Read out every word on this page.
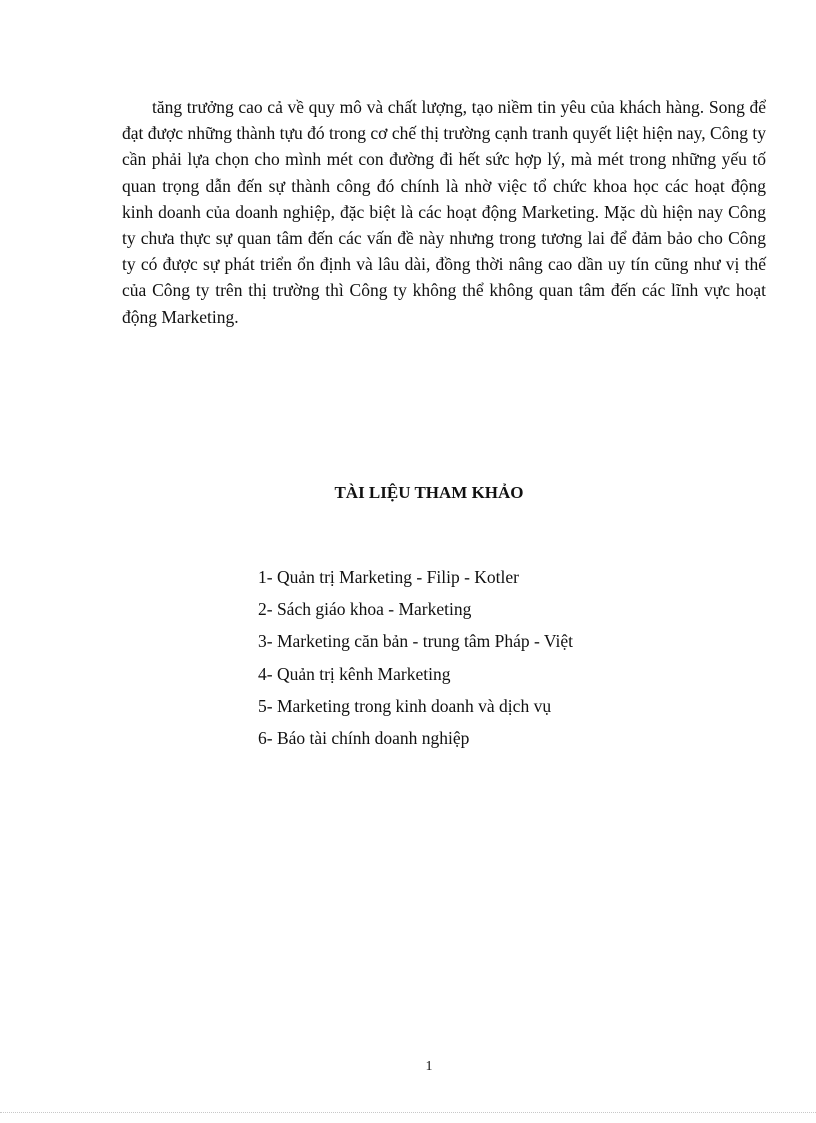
tăng trưởng cao cả về quy mô và chất lượng, tạo niềm tin yêu của khách hàng. Song để đạt được những thành tựu đó trong cơ chế thị trường cạnh tranh quyết liệt hiện nay, Công ty cần phải lựa chọn cho mình mét con đường đi hết sức hợp lý, mà mét trong những yếu tố quan trọng dẫn đến sự thành công đó chính là nhờ việc tổ chức khoa học các hoạt động kinh doanh của doanh nghiệp, đặc biệt là các hoạt động Marketing. Mặc dù hiện nay Công ty chưa thực sự quan tâm đến các vấn đề này nhưng trong tương lai để đảm bảo cho Công ty có được sự phát triển ổn định và lâu dài, đồng thời nâng cao dần uy tín cũng như vị thế của Công ty trên thị trường thì Công ty không thể không quan tâm đến các lĩnh vực hoạt động Marketing.

TÀI LIỆU THAM KHẢO
1- Quản trị Marketing - Filip - Kotler
2- Sách giáo khoa - Marketing
3- Marketing căn bản - trung tâm Pháp - Việt
4- Quản trị kênh Marketing
5- Marketing trong kinh doanh và dịch vụ
6- Báo tài chính doanh nghiệp
1
